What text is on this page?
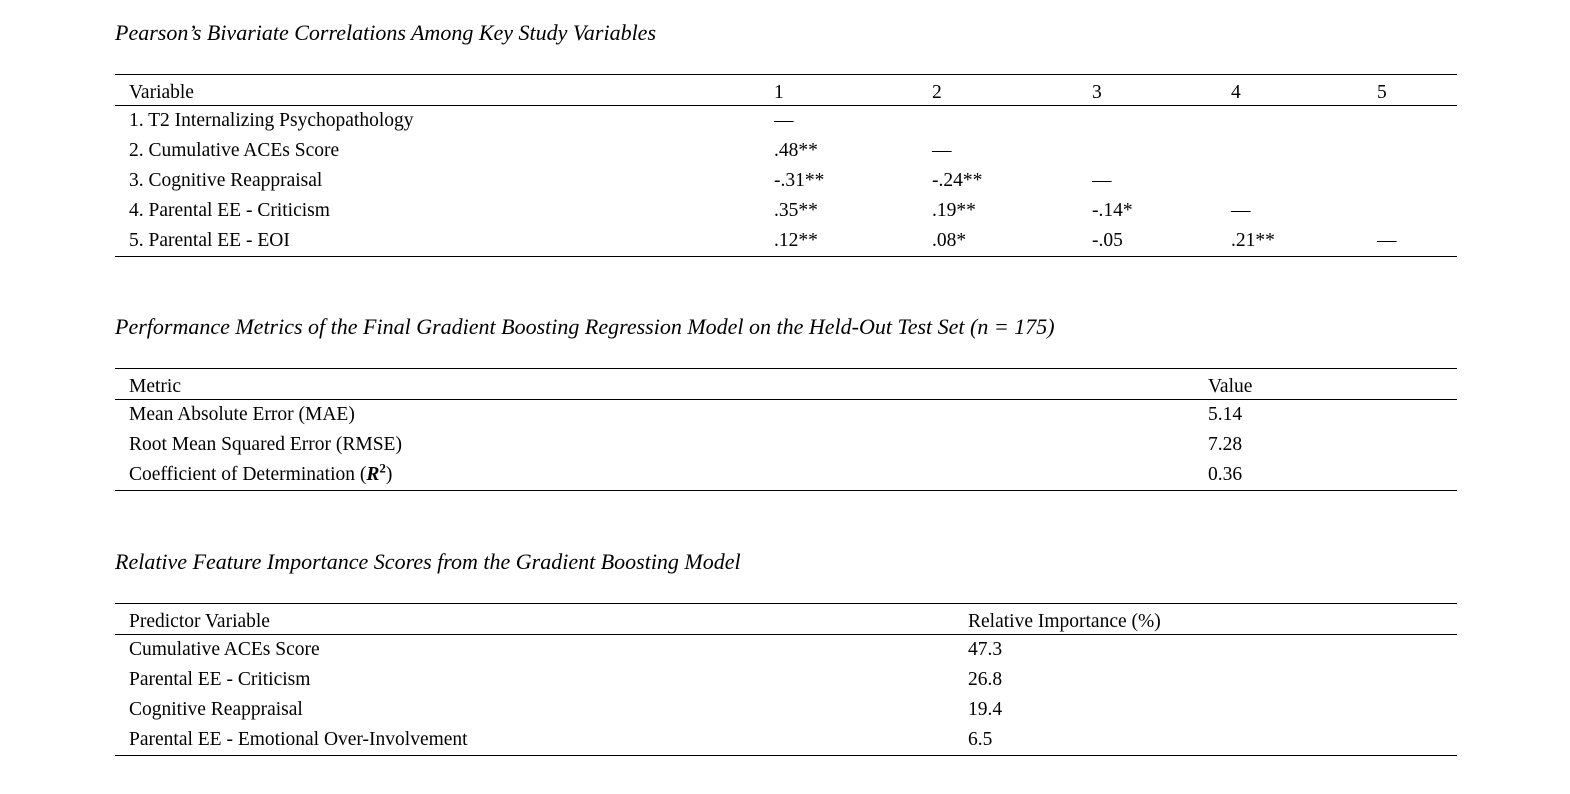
Pearson’s Bivariate Correlations Among Key Study Variables
Variable	1	2	3	4	5
1. T2 Internalizing Psychopathology	—
2. Cumulative ACEs Score	.48**	—
3. Cognitive Reappraisal	-.31**	-.24**	—
4. Parental EE - Criticism	.35**	.19**	-.14*	—
5. Parental EE - EOI	.12**	.08*	-.05	.21**	—
Performance Metrics of the Final Gradient Boosting Regression Model on the Held-Out Test Set (n = 175)
Metric	Value
Mean Absolute Error (MAE)	5.14
Root Mean Squared Error (RMSE)	7.28
Coefficient of Determination $(R^2)$	0.36
Relative Feature Importance Scores from the Gradient Boosting Model
Predictor Variable	Relative Importance (%)
Cumulative ACEs Score	47.3
Parental EE - Criticism	26.8
Cognitive Reappraisal	19.4
Parental EE - Emotional Over-Involvement	6.5
